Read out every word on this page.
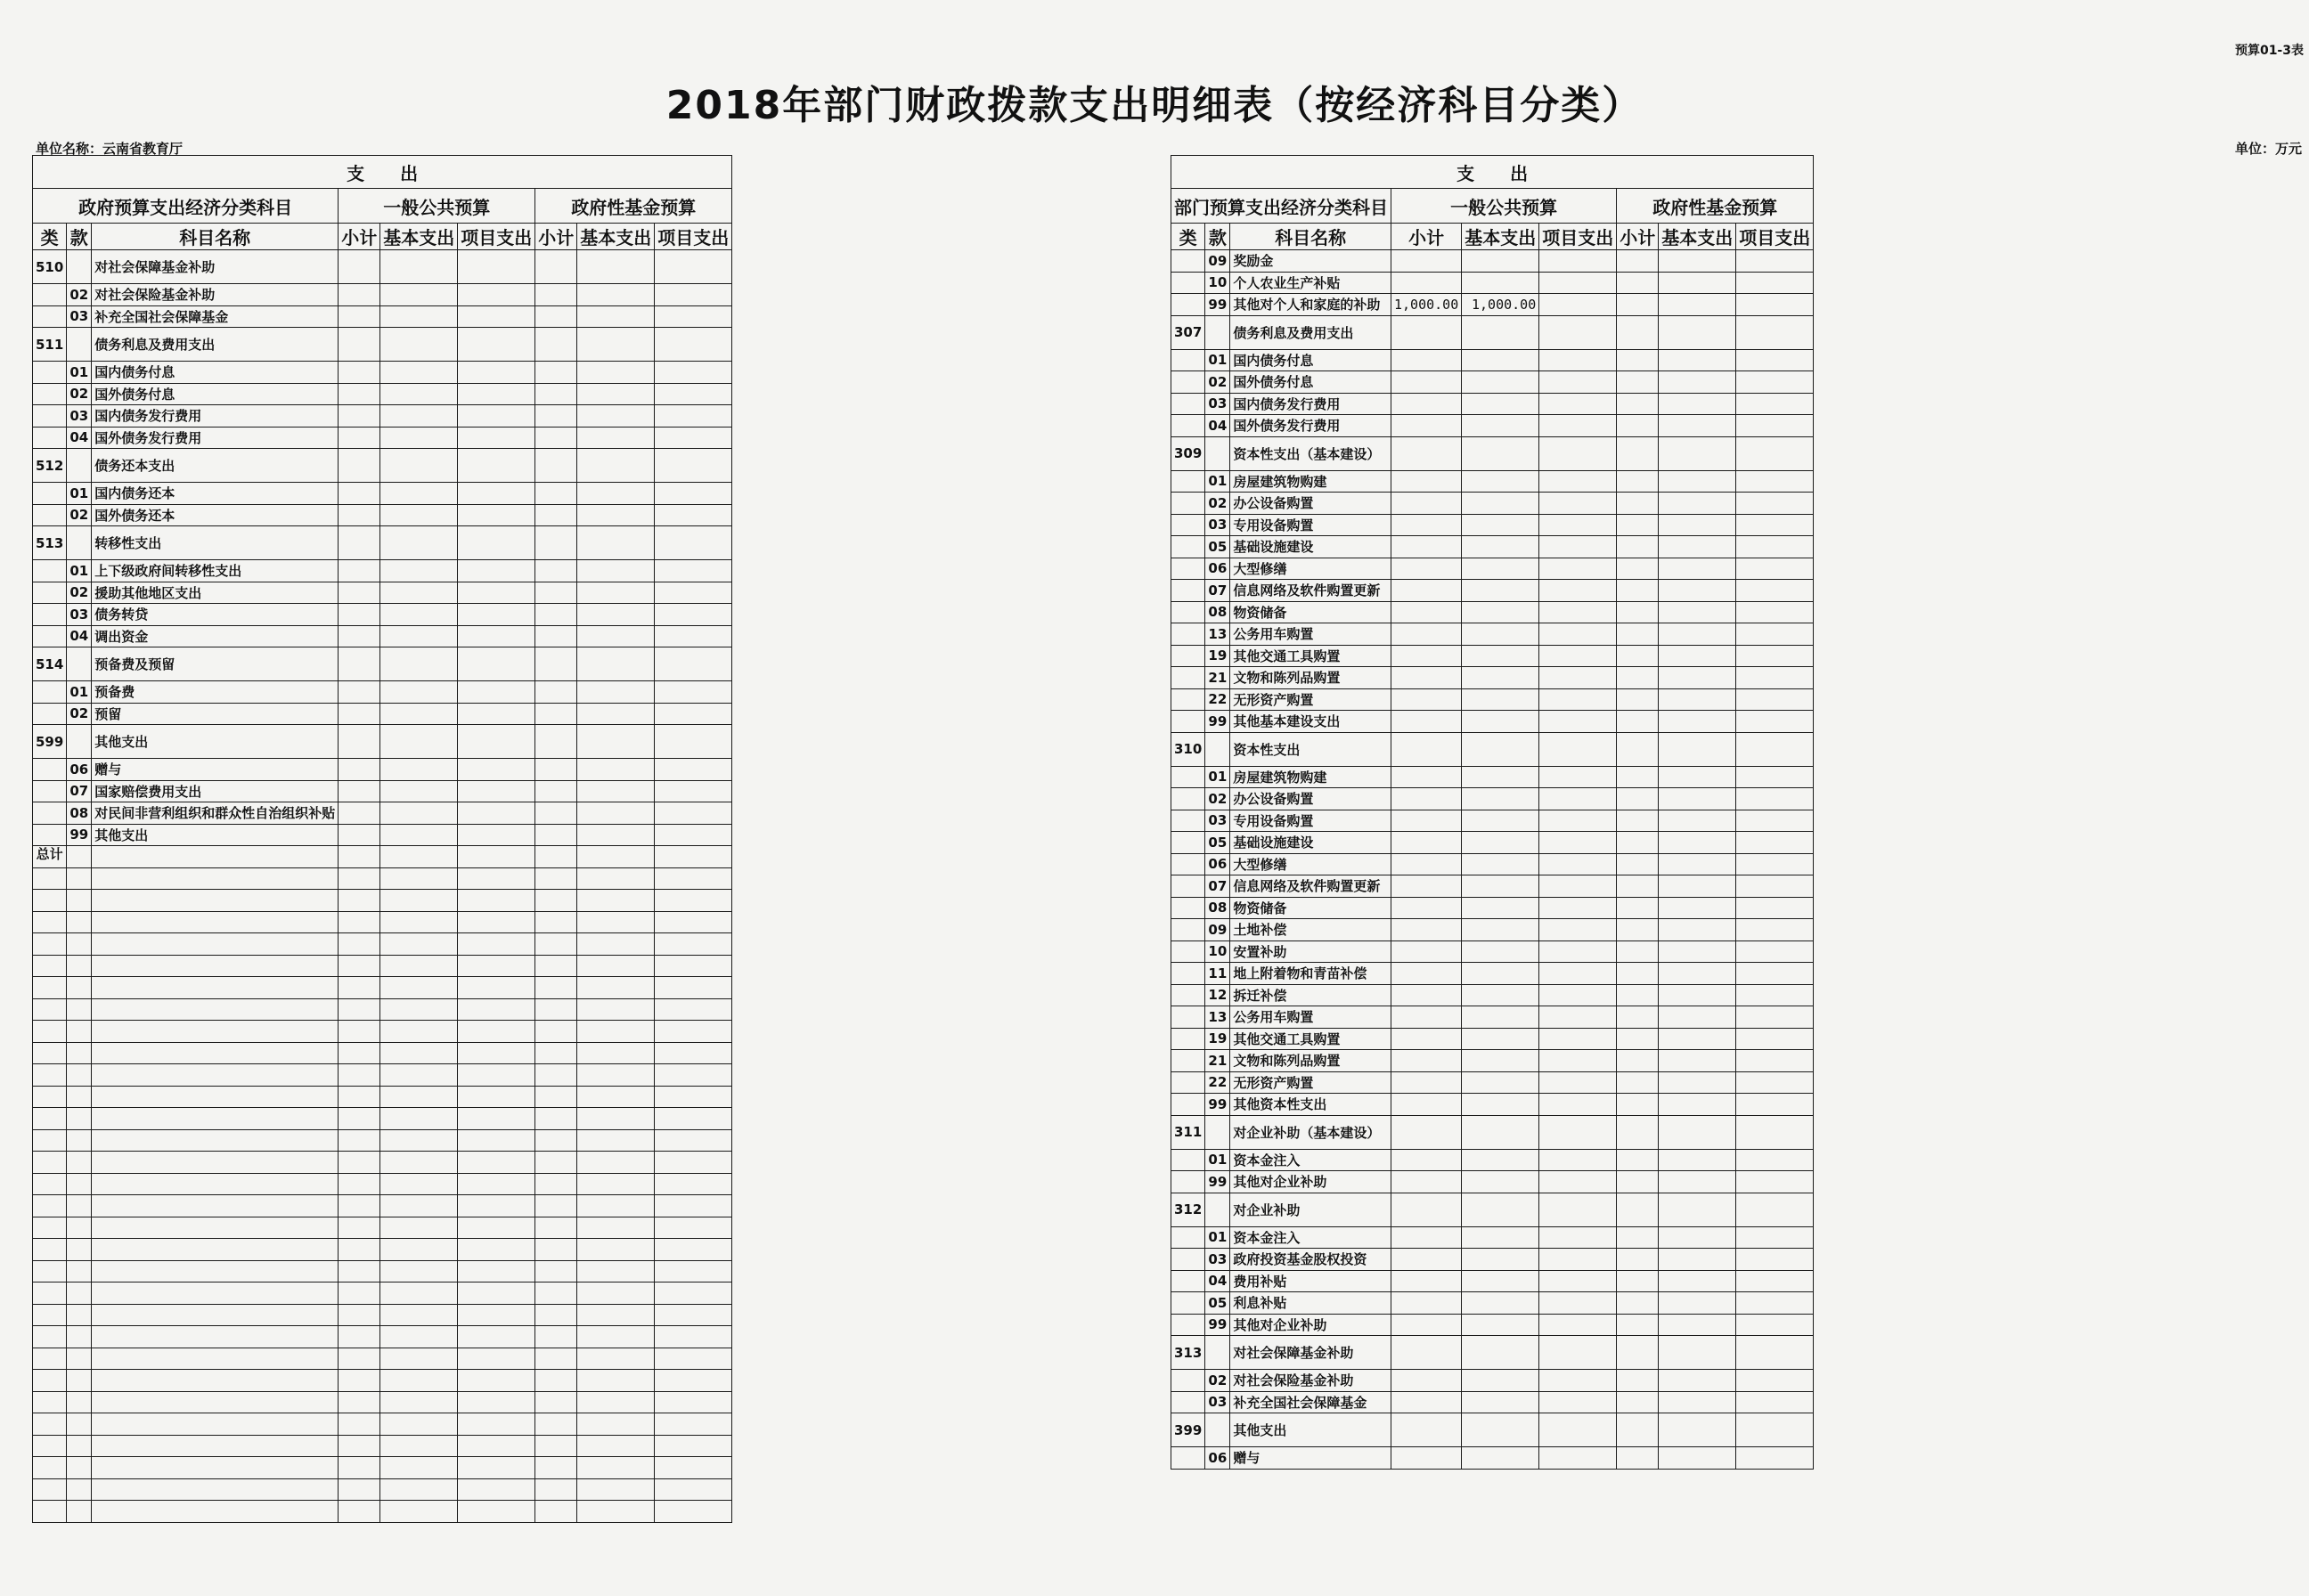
预算01-3表
2018年部门财政拨款支出明细表（按经济科目分类）
单位名称：云南省教育厅	单位：万元
支　　出								
政府预算支出经济分类科目			一般公共预算			政府性基金预算		
类	款	科目名称	小计	基本支出	项目支出	小计	基本支出	项目支出
510		对社会保障基金补助						
	02	对社会保险基金补助						
	03	补充全国社会保障基金						
511		债务利息及费用支出						
	01	国内债务付息						
	02	国外债务付息						
	03	国内债务发行费用						
	04	国外债务发行费用						
512		债务还本支出						
	01	国内债务还本						
	02	国外债务还本						
513		转移性支出						
	01	上下级政府间转移性支出						
	02	援助其他地区支出						
	03	债务转贷						
	04	调出资金						
514		预备费及预留						
	01	预备费						
	02	预留						
599		其他支出						
	06	赠与						
	07	国家赔偿费用支出						
	08	对民间非营利组织和群众性自治组织补贴						
	99	其他支出						
总计								

支　　出								
部门预算支出经济分类科目			一般公共预算			政府性基金预算		
类	款	科目名称	小计	基本支出	项目支出	小计	基本支出	项目支出
	09	奖励金						
	10	个人农业生产补贴						
	99	其他对个人和家庭的补助	1,000.00	1,000.00				
307		债务利息及费用支出						
	01	国内债务付息						
	02	国外债务付息						
	03	国内债务发行费用						
	04	国外债务发行费用						
309		资本性支出（基本建设）						
	01	房屋建筑物购建						
	02	办公设备购置						
	03	专用设备购置						
	05	基础设施建设						
	06	大型修缮						
	07	信息网络及软件购置更新						
	08	物资储备						
	13	公务用车购置						
	19	其他交通工具购置						
	21	文物和陈列品购置						
	22	无形资产购置						
	99	其他基本建设支出						
310		资本性支出						
	01	房屋建筑物购建						
	02	办公设备购置						
	03	专用设备购置						
	05	基础设施建设						
	06	大型修缮						
	07	信息网络及软件购置更新						
	08	物资储备						
	09	土地补偿						
	10	安置补助						
	11	地上附着物和青苗补偿						
	12	拆迁补偿						
	13	公务用车购置						
	19	其他交通工具购置						
	21	文物和陈列品购置						
	22	无形资产购置						
	99	其他资本性支出						
311		对企业补助（基本建设）						
	01	资本金注入						
	99	其他对企业补助						
312		对企业补助						
	01	资本金注入						
	03	政府投资基金股权投资						
	04	费用补贴						
	05	利息补贴						
	99	其他对企业补助						
313		对社会保障基金补助						
	02	对社会保险基金补助						
	03	补充全国社会保障基金						
399		其他支出						
	06	赠与						
